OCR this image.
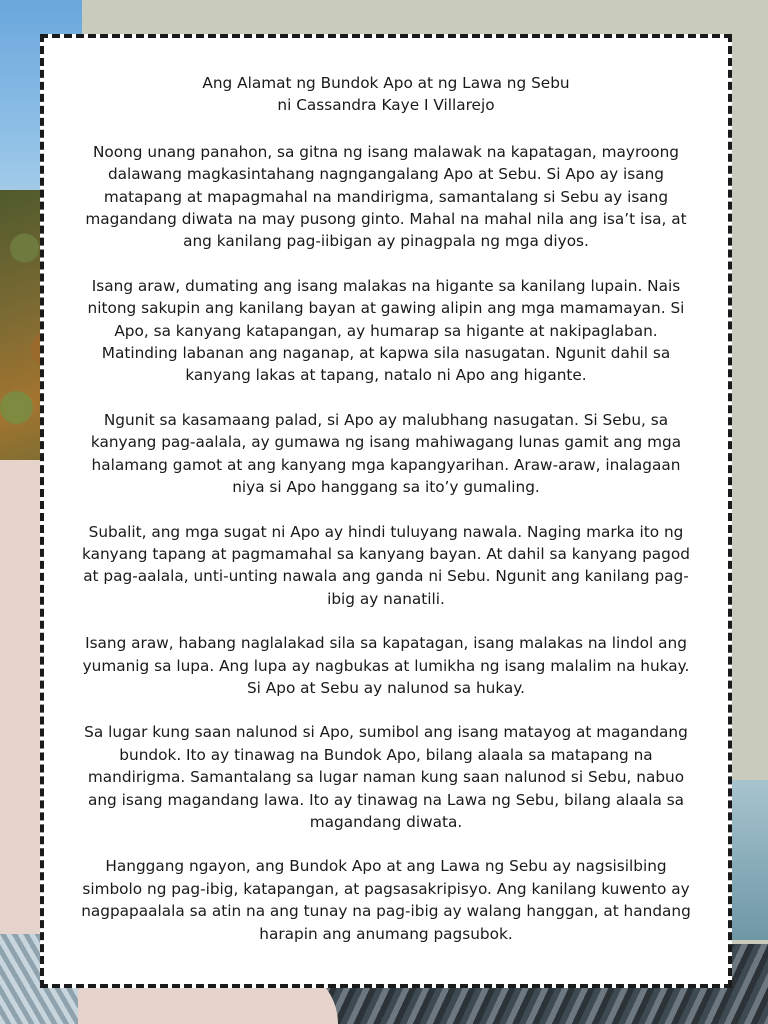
Ang Alamat ng Bundok Apo at ng Lawa ng Sebu

ni Cassandra Kaye I Villarejo

Noong unang panahon, sa gitna ng isang malawak na kapatagan, mayroong dalawang magkasintahang nagngangalang Apo at Sebu. Si Apo ay isang matapang at mapagmahal na mandirigma, samantalang si Sebu ay isang magandang diwata na may pusong ginto. Mahal na mahal nila ang isa’t isa, at ang kanilang pag-iibigan ay pinagpala ng mga diyos.

Isang araw, dumating ang isang malakas na higante sa kanilang lupain. Nais nitong sakupin ang kanilang bayan at gawing alipin ang mga mamamayan. Si Apo, sa kanyang katapangan, ay humarap sa higante at nakipaglaban. Matinding labanan ang naganap, at kapwa sila nasugatan. Ngunit dahil sa kanyang lakas at tapang, natalo ni Apo ang higante.

Ngunit sa kasamaang palad, si Apo ay malubhang nasugatan. Si Sebu, sa kanyang pag-aalala, ay gumawa ng isang mahiwagang lunas gamit ang mga halamang gamot at ang kanyang mga kapangyarihan. Araw-araw, inalagaan niya si Apo hanggang sa ito’y gumaling.

Subalit, ang mga sugat ni Apo ay hindi tuluyang nawala. Naging marka ito ng kanyang tapang at pagmamahal sa kanyang bayan. At dahil sa kanyang pagod at pag-aalala, unti-unting nawala ang ganda ni Sebu. Ngunit ang kanilang pag-ibig ay nanatili.

Isang araw, habang naglalakad sila sa kapatagan, isang malakas na lindol ang yumanig sa lupa. Ang lupa ay nagbukas at lumikha ng isang malalim na hukay. Si Apo at Sebu ay nalunod sa hukay.

Sa lugar kung saan nalunod si Apo, sumibol ang isang matayog at magandang bundok. Ito ay tinawag na Bundok Apo, bilang alaala sa matapang na mandirigma. Samantalang sa lugar naman kung saan nalunod si Sebu, nabuo ang isang magandang lawa. Ito ay tinawag na Lawa ng Sebu, bilang alaala sa magandang diwata.

Hanggang ngayon, ang Bundok Apo at ang Lawa ng Sebu ay nagsisilbing simbolo ng pag-ibig, katapangan, at pagsasakripisyo. Ang kanilang kuwento ay nagpapaalala sa atin na ang tunay na pag-ibig ay walang hanggan, at handang harapin ang anumang pagsubok.
